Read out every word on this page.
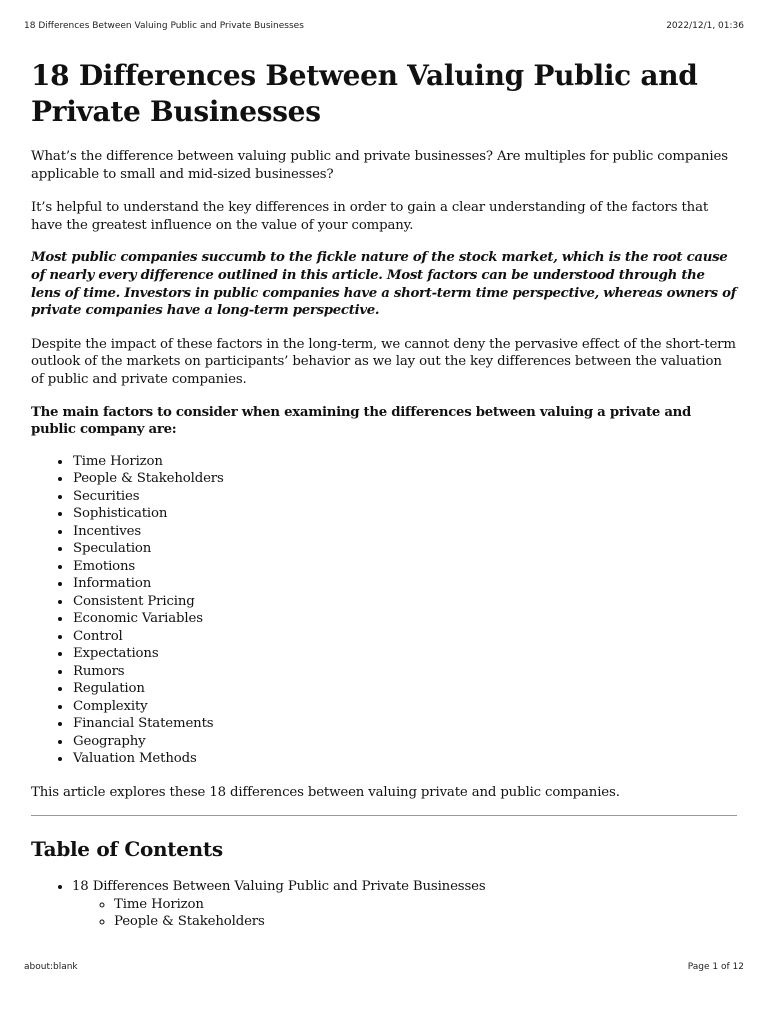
18 Differences Between Valuing Public and Private Businesses	2022/12/1, 01:36
18 Differences Between Valuing Public and Private Businesses

What’s the difference between valuing public and private businesses? Are multiples for public companies applicable to small and mid-sized businesses?

It’s helpful to understand the key differences in order to gain a clear understanding of the factors that have the greatest influence on the value of your company.

Most public companies succumb to the fickle nature of the stock market, which is the root cause of nearly every difference outlined in this article. Most factors can be understood through the lens of time. Investors in public companies have a short-term time perspective, whereas owners of private companies have a long-term perspective.

Despite the impact of these factors in the long-term, we cannot deny the pervasive effect of the short-term outlook of the markets on participants’ behavior as we lay out the key differences between the valuation of public and private companies.

The main factors to consider when examining the differences between valuing a private and public company are:

• Time Horizon
• People & Stakeholders
• Securities
• Sophistication
• Incentives
• Speculation
• Emotions
• Information
• Consistent Pricing
• Economic Variables
• Control
• Expectations
• Rumors
• Regulation
• Complexity
• Financial Statements
• Geography
• Valuation Methods

This article explores these 18 differences between valuing private and public companies.

Table of Contents
• 18 Differences Between Valuing Public and Private Businesses
◦ Time Horizon
◦ People & Stakeholders
about:blank	Page 1 of 12
